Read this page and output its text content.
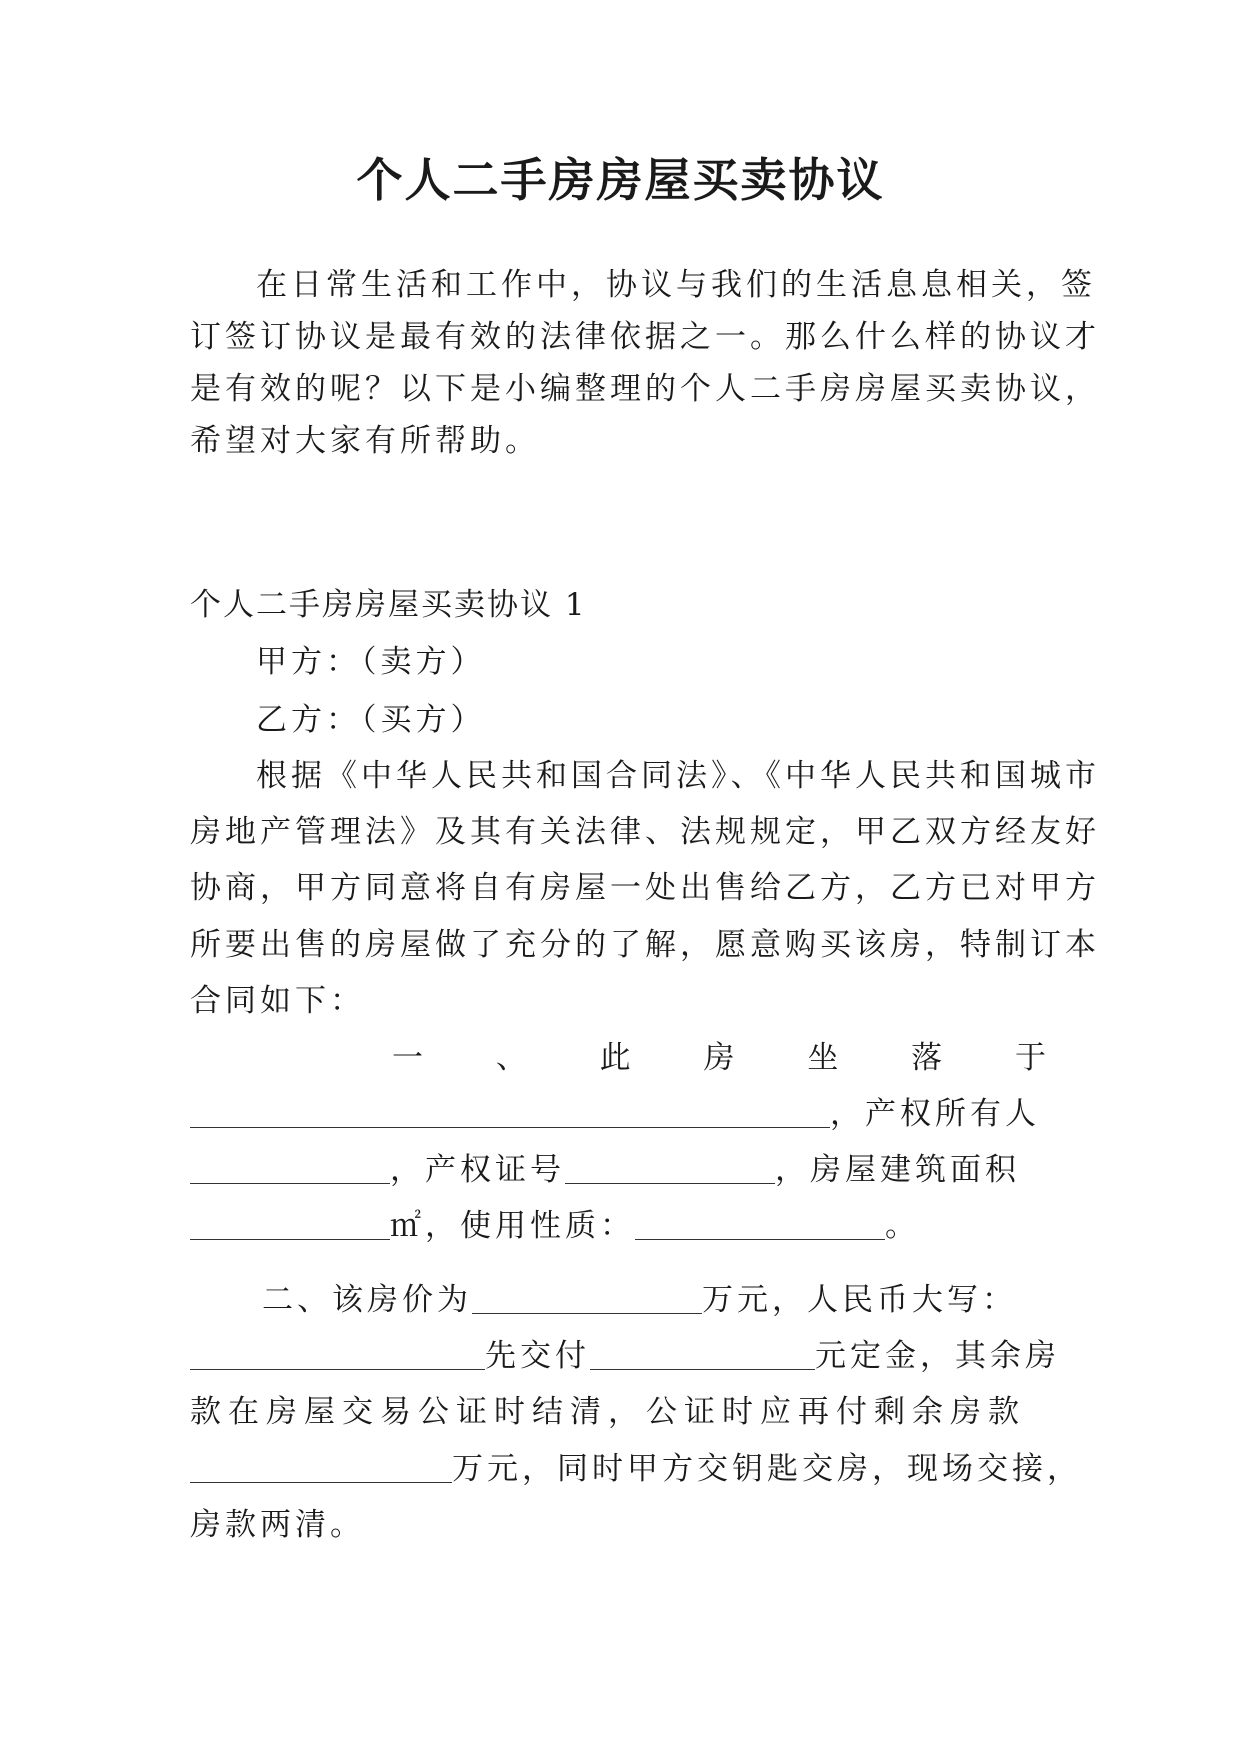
个人二手房房屋买卖协议
在日常生活和工作中，协议与我们的生活息息相关，签
订签订协议是最有效的法律依据之一。那么什么样的协议才
是有效的呢？以下是小编整理的个人二手房房屋买卖协议，
希望对大家有所帮助。
个人二手房房屋买卖协议 1
甲方：（卖方）
乙方：（买方）
根据《中华人民共和国合同法》、《中华人民共和国城市
房地产管理法》及其有关法律、法规规定，甲乙双方经友好
协商，甲方同意将自有房屋一处出售给乙方，乙方已对甲方
所要出售的房屋做了充分的了解，愿意购买该房，特制订本
合同如下：
一 、 此 房 坐 落 于
，产权所有人
，产权证号	，房屋建筑面积
㎡，使用性质：	。
二、该房价为	万元，人民币大写：
先交付	元定金，其余房
款在房屋交易公证时结清，公证时应再付剩余房款
万元，同时甲方交钥匙交房，现场交接，
房款两清。
